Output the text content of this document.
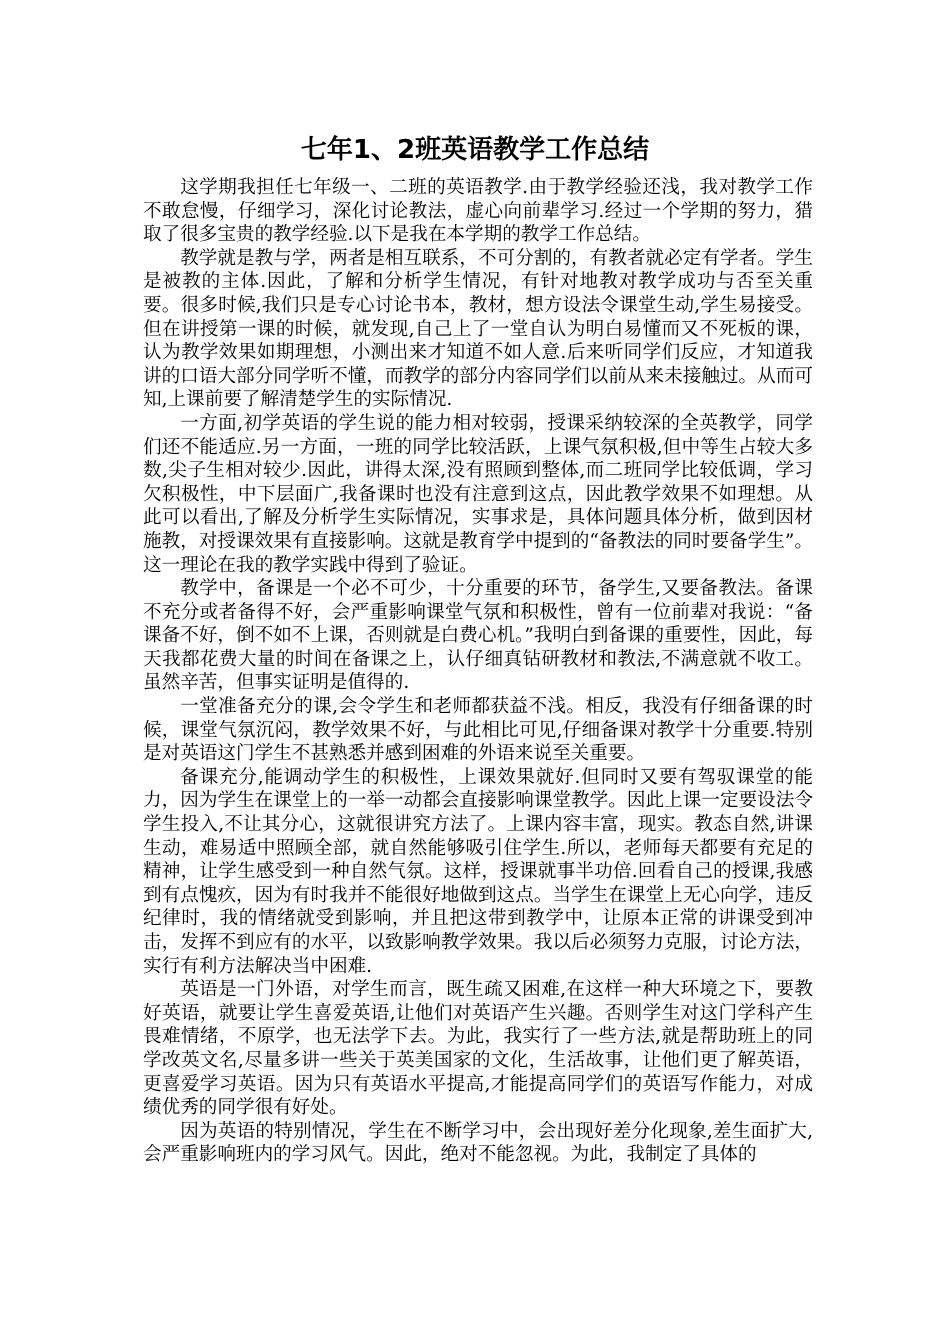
七年1、2班英语教学工作总结

这学期我担任七年级一、二班的英语教学.由于教学经验还浅，我对教学工作不敢怠慢，仔细学习，深化讨论教法，虚心向前辈学习.经过一个学期的努力，猎取了很多宝贵的教学经验.以下是我在本学期的教学工作总结。

教学就是教与学，两者是相互联系，不可分割的，有教者就必定有学者。学生是被教的主体.因此，了解和分析学生情况，有针对地教对教学成功与否至关重要。很多时候,我们只是专心讨论书本，教材，想方设法令课堂生动,学生易接受。但在讲授第一课的时候，就发现,自己上了一堂自认为明白易懂而又不死板的课，认为教学效果如期理想，小测出来才知道不如人意.后来听同学们反应，才知道我讲的口语大部分同学听不懂，而教学的部分内容同学们以前从来未接触过。从而可知,上课前要了解清楚学生的实际情况.

一方面,初学英语的学生说的能力相对较弱，授课采纳较深的全英教学，同学们还不能适应.另一方面，一班的同学比较活跃，上课气氛积极,但中等生占较大多数,尖子生相对较少.因此，讲得太深,没有照顾到整体,而二班同学比较低调，学习欠积极性，中下层面广,我备课时也没有注意到这点，因此教学效果不如理想。从此可以看出,了解及分析学生实际情况，实事求是，具体问题具体分析，做到因材施教，对授课效果有直接影响。这就是教育学中提到的“备教法的同时要备学生”。这一理论在我的教学实践中得到了验证。

教学中，备课是一个必不可少，十分重要的环节，备学生,又要备教法。备课不充分或者备得不好，会严重影响课堂气氛和积极性，曾有一位前辈对我说：“备课备不好，倒不如不上课，否则就是白费心机。”我明白到备课的重要性，因此，每天我都花费大量的时间在备课之上，认仔细真钻研教材和教法,不满意就不收工。虽然辛苦，但事实证明是值得的.

一堂准备充分的课,会令学生和老师都获益不浅。相反，我没有仔细备课的时候，课堂气氛沉闷，教学效果不好，与此相比可见,仔细备课对教学十分重要.特别是对英语这门学生不甚熟悉并感到困难的外语来说至关重要。

备课充分,能调动学生的积极性，上课效果就好.但同时又要有驾驭课堂的能力，因为学生在课堂上的一举一动都会直接影响课堂教学。因此上课一定要设法令学生投入,不让其分心，这就很讲究方法了。上课内容丰富，现实。教态自然,讲课生动，难易适中照顾全部，就自然能够吸引住学生.所以，老师每天都要有充足的精神，让学生感受到一种自然气氛。这样，授课就事半功倍.回看自己的授课,我感到有点愧疚，因为有时我并不能很好地做到这点。当学生在课堂上无心向学，违反纪律时，我的情绪就受到影响，并且把这带到教学中，让原本正常的讲课受到冲击，发挥不到应有的水平，以致影响教学效果。我以后必须努力克服，讨论方法，实行有利方法解决当中困难.

英语是一门外语，对学生而言，既生疏又困难,在这样一种大环境之下，要教好英语，就要让学生喜爱英语,让他们对英语产生兴趣。否则学生对这门学科产生畏难情绪，不原学，也无法学下去。为此，我实行了一些方法,就是帮助班上的同学改英文名,尽量多讲一些关于英美国家的文化，生活故事，让他们更了解英语，更喜爱学习英语。因为只有英语水平提高,才能提高同学们的英语写作能力，对成绩优秀的同学很有好处。

因为英语的特别情况，学生在不断学习中，会出现好差分化现象,差生面扩大,会严重影响班内的学习风气。因此，绝对不能忽视。为此，我制定了具体的
